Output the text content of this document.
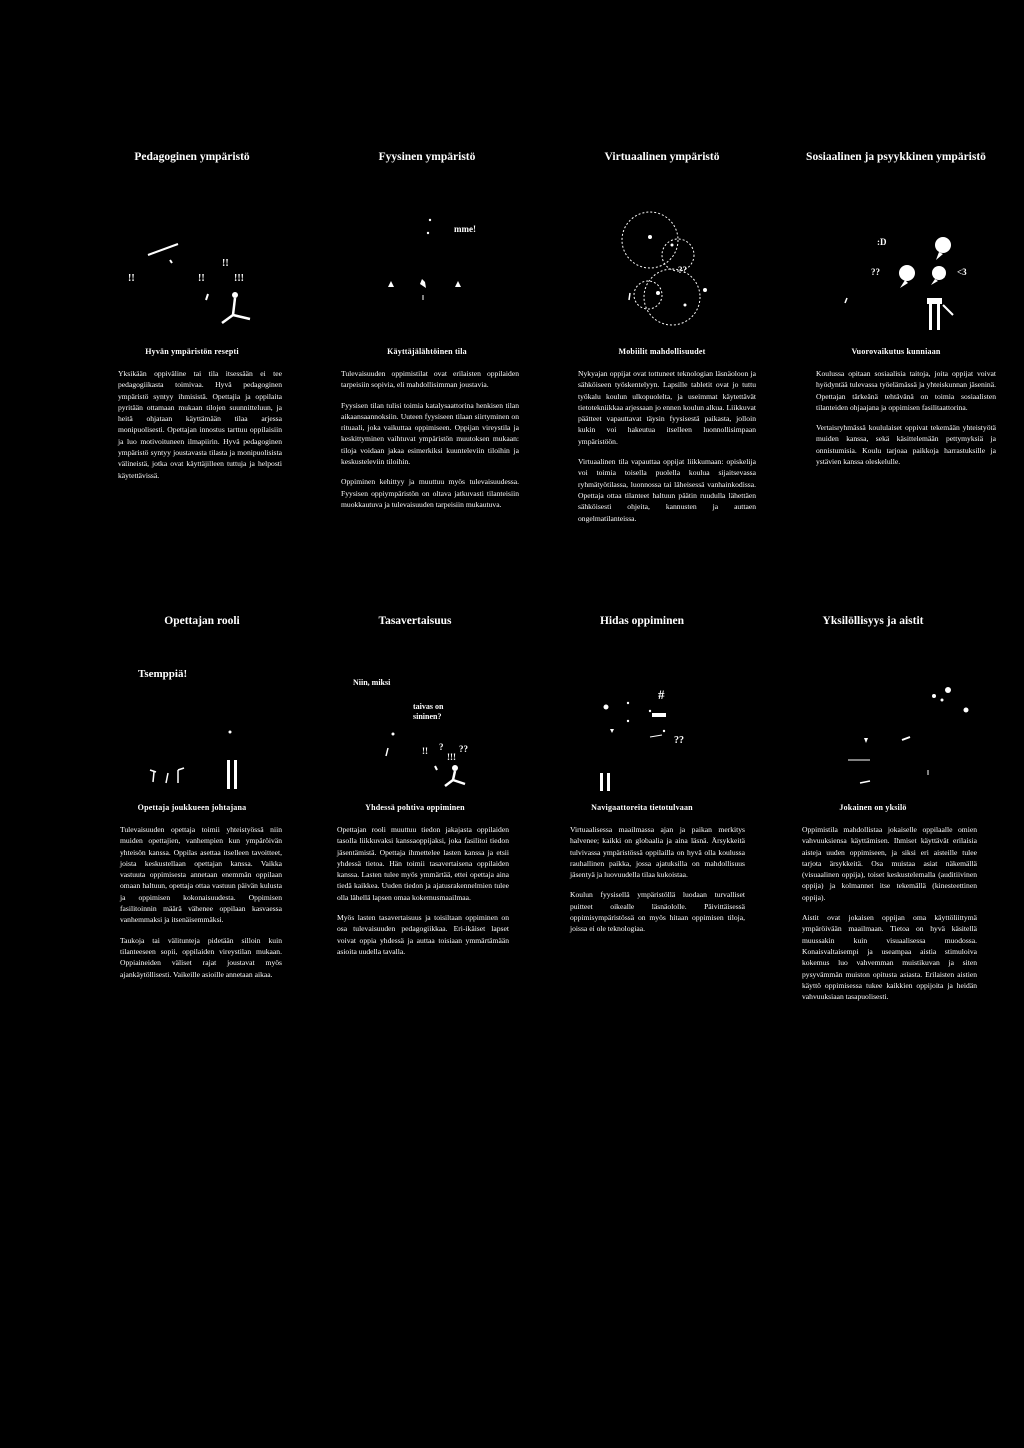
Pedagoginen ympäristö
!!	!!	!!!
!!
Hyvän ympäristön resepti

Yksikään oppiväline tai tila itsessään ei tee pedagogiikasta toimivaa. Hyvä pedagoginen ympäristö syntyy ihmisistä. Opettajia ja oppilaita pyritään ottamaan mukaan tilojen suunnitteluun, ja heitä ohjataan käyttämään tilaa arjessa monipuolisesti. Opettajan innostus tarttuu oppilaisiin ja luo motivoituneen ilmapiirin. Hyvä pedagoginen ympäristö syntyy joustavasta tilasta ja monipuolisista välineistä, jotka ovat käyttäjilleen tuttuja ja helposti käytettävissä.

Fyysinen ympäristö
mme!
Käyttäjälähtöinen tila

Tulevaisuuden oppimistilat ovat erilaisten oppilaiden tarpeisiin sopivia, eli mahdollisimman joustavia.

Fyysisen tilan tulisi toimia katalysaattorina henkisen tilan aikaansaannoksiin. Uuteen fyysiseen tilaan siirtyminen on rituaali, joka vaikuttaa oppimiseen. Oppijan vireystila ja keskittyminen vaihtuvat ympäristön muutoksen mukaan: tiloja voidaan jakaa esimerkiksi kuunteleviin tiloihin ja keskusteleviin tiloihin.

Oppiminen kehittyy ja muuttuu myös tulevaisuudessa. Fyysisen oppiympäristön on oltava jatkuvasti tilanteisiin muokkautuva ja tulevaisuuden tarpeisiin mukautuva.

Virtuaalinen ympäristö
??
Mobiilit mahdollisuudet

Nykyajan oppijat ovat tottuneet teknologian läsnäoloon ja sähköiseen työskentelyyn. Lapsille tabletit ovat jo tuttu työkalu koulun ulkopuolelta, ja useimmat käytettävät tietotekniikkaa arjessaan jo ennen koulun alkua. Liikkuvat päätteet vapauttavat täysin fyysisestä paikasta, jolloin kukin voi hakeutua itselleen luonnollisimpaan ympäristöön.

Virtuaalinen tila vapauttaa oppijat liikkumaan: opiskelija voi toimia toisella puolella koulua sijaitsevassa ryhmätyötilassa, luonnossa tai läheisessä vanhainkodissa. Opettaja ottaa tilanteet haltuun päätin ruudulla lähettäen sähköisesti ohjeita, kannusten ja auttaen ongelmatilanteissa.

Sosiaalinen ja psyykkinen ympäristö
:D
??	<3
Vuorovaikutus kunniaan

Koulussa opitaan sosiaalisia taitoja, joita oppijat voivat hyödyntää tulevassa työelämässä ja yhteiskunnan jäseninä. Opettajan tärkeänä tehtävänä on toimia sosiaalisten tilanteiden ohjaajana ja oppimisen fasilitaattorina.

Vertaisryhmässä koululaiset oppivat tekemään yhteistyötä muiden kanssa, sekä käsittelemään pettymyksiä ja onnistumisia. Koulu tarjoaa paikkoja harrastuksille ja ystävien kanssa oleskelulle.

Opettajan rooli
Tsemppiä!
Opettaja joukkueen johtajana

Tulevaisuuden opettaja toimii yhteistyössä niin muiden opettajien, vanhempien kun ympäröivän yhteisön kanssa. Oppilas asettaa itselleen tavoitteet, joista keskustellaan opettajan kanssa. Vaikka vastuuta oppimisesta annetaan enemmän oppilaan omaan haltuun, opettaja ottaa vastuun päivän kulusta ja oppimisen kokonaisuudesta. Oppimisen fasilitoinnin määrä vähenee oppilaan kasvaessa vanhemmaksi ja itsenäisemmäksi.

Taukoja tai välitunteja pidetään silloin kuin tilanteeseen sopii, oppilaiden vireystilan mukaan. Oppiaineiden väliset rajat joustavat myös ajankäytöllisesti. Vaikeille asioille annetaan aikaa.

Tasavertaisuus
Niin, miksi
taivas on
sininen?
!! ?
!!!
??
Yhdessä pohtiva oppiminen

Opettajan rooli muuttuu tiedon jakajasta oppilaiden tasolla liikkuvaksi kanssaoppijaksi, joka fasilitoi tiedon jäsentämistä. Opettaja ihmettelee lasten kanssa ja etsii yhdessä tietoa. Hän toimii tasavertaisena oppilaiden kanssa. Lasten tulee myös ymmärtää, ettei opettaja aina tiedä kaikkea. Uuden tiedon ja ajatusrakennelmien tulee olla lähellä lapsen omaa kokemusmaailmaa.

Myös lasten tasavertaisuus ja toisiltaan oppiminen on osa tulevaisuuden pedagogiikkaa. Eri-ikäiset lapset voivat oppia yhdessä ja auttaa toisiaan ymmärtämään asioita uudella tavalla.

Hidas oppiminen
#
??
Navigaattoreita tietotulvaan

Virtuaalisessa maailmassa ajan ja paikan merkitys halvenee; kaikki on globaalia ja aina läsnä. Ärsykkeitä tulvivassa ympäristössä oppilailla on hyvä olla koulussa rauhallinen paikka, jossa ajatuksilla on mahdollisuus jäsentyä ja luovuudella tilaa kukoistaa.

Koulun fyysisellä ympäristöllä luodaan turvalliset puitteet oikealle läsnäololle. Päivittäisessä oppimisympäristössä on myös hitaan oppimisen tiloja, joissa ei ole teknologiaa.

Yksilöllisyys ja aistit
Jokainen on yksilö

Oppimistila mahdollistaa jokaiselle oppilaalle omien vahvuuksiensa käyttämisen. Ihmiset käyttävät erilaisia aisteja uuden oppimiseen, ja siksi eri aisteille tulee tarjota ärsykkeitä. Osa muistaa asiat näkemällä (visuaalinen oppija), toiset keskustelemalla (auditiivinen oppija) ja kolmannet itse tekemällä (kinesteettinen oppija).

Aistit ovat jokaisen oppijan oma käyttöliittymä ympäröivään maailmaan. Tietoa on hyvä käsitellä muussakin kuin visuaalisessa muodossa. Konaisvaltaisempi ja useampaa aistia stimuloiva kokemus luo vahvemman muistikuvan ja siten pysyvämmän muiston opitusta asiasta. Erilaisten aistien käyttö oppimisessa tukee kaikkien oppijoita ja heidän vahvuuksiaan tasapuolisesti.
